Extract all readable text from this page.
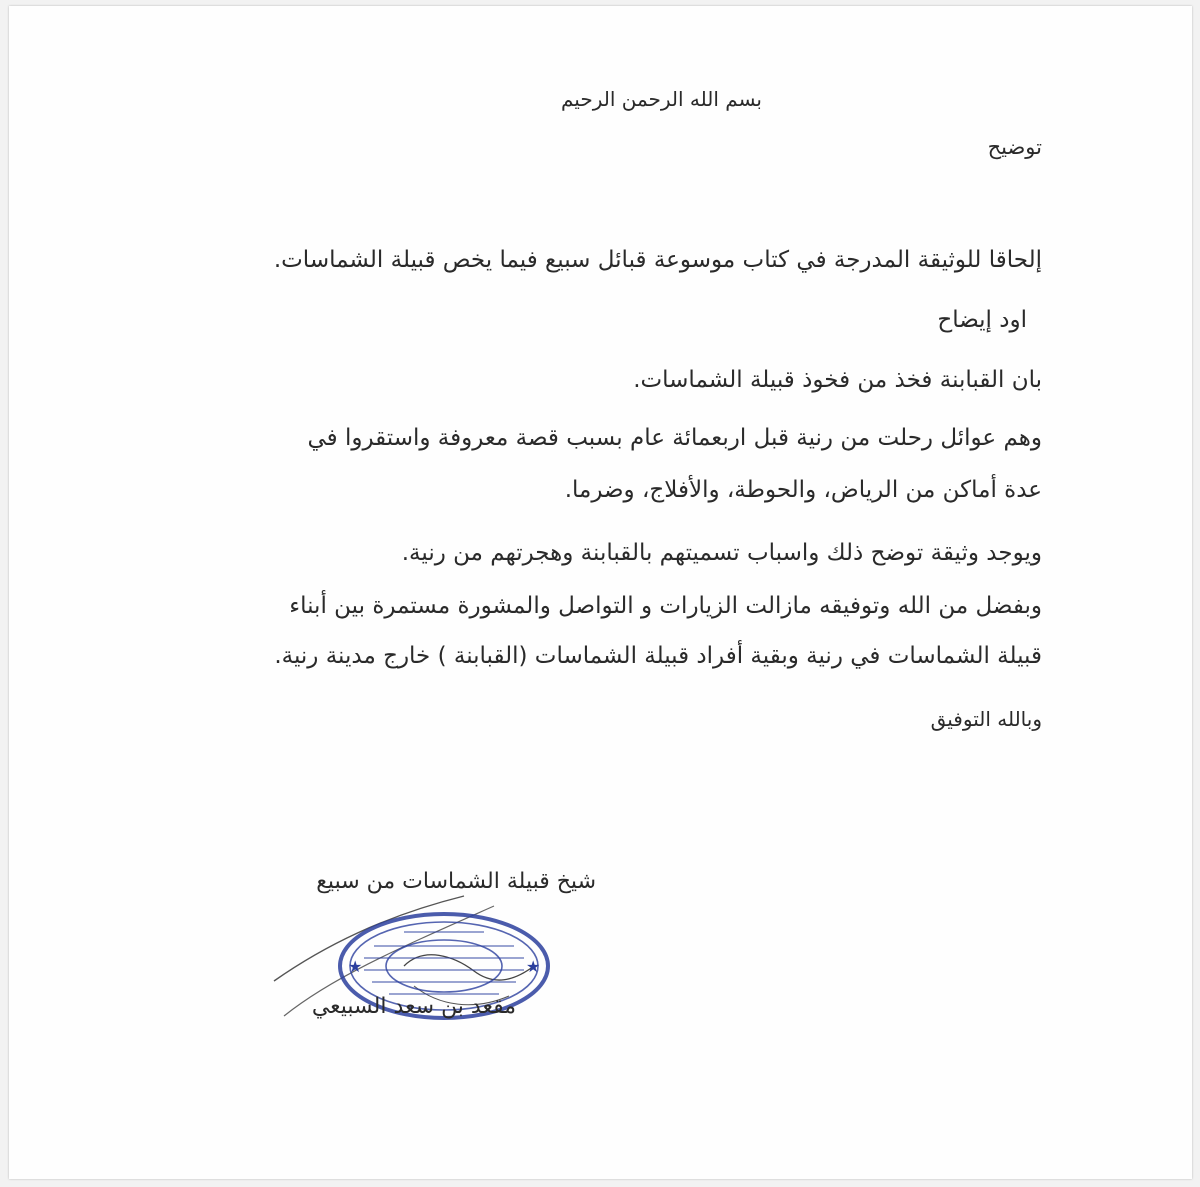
بسم الله الرحمن الرحيم
توضيح
إلحاقا للوثيقة المدرجة في كتاب موسوعة قبائل سبيع فيما يخص قبيلة الشماسات.
اود إيضاح
بان القبابنة فخذ من فخوذ قبيلة الشماسات.
وهم عوائل رحلت من رنية قبل اربعمائة عام بسبب قصة معروفة واستقروا في
عدة أماكن من الرياض، والحوطة، والأفلاج، وضرما.
ويوجد وثيقة توضح ذلك واسباب تسميتهم بالقبابنة وهجرتهم من رنية.
وبفضل من الله وتوفيقه مازالت الزيارات و التواصل والمشورة مستمرة بين أبناء
قبيلة الشماسات في رنية وبقية أفراد قبيلة الشماسات (القبابنة ) خارج مدينة رنية.
وبالله التوفيق
شيخ قبيلة الشماسات من سبيع
★	★
مقعد بن سعد السبيعي
